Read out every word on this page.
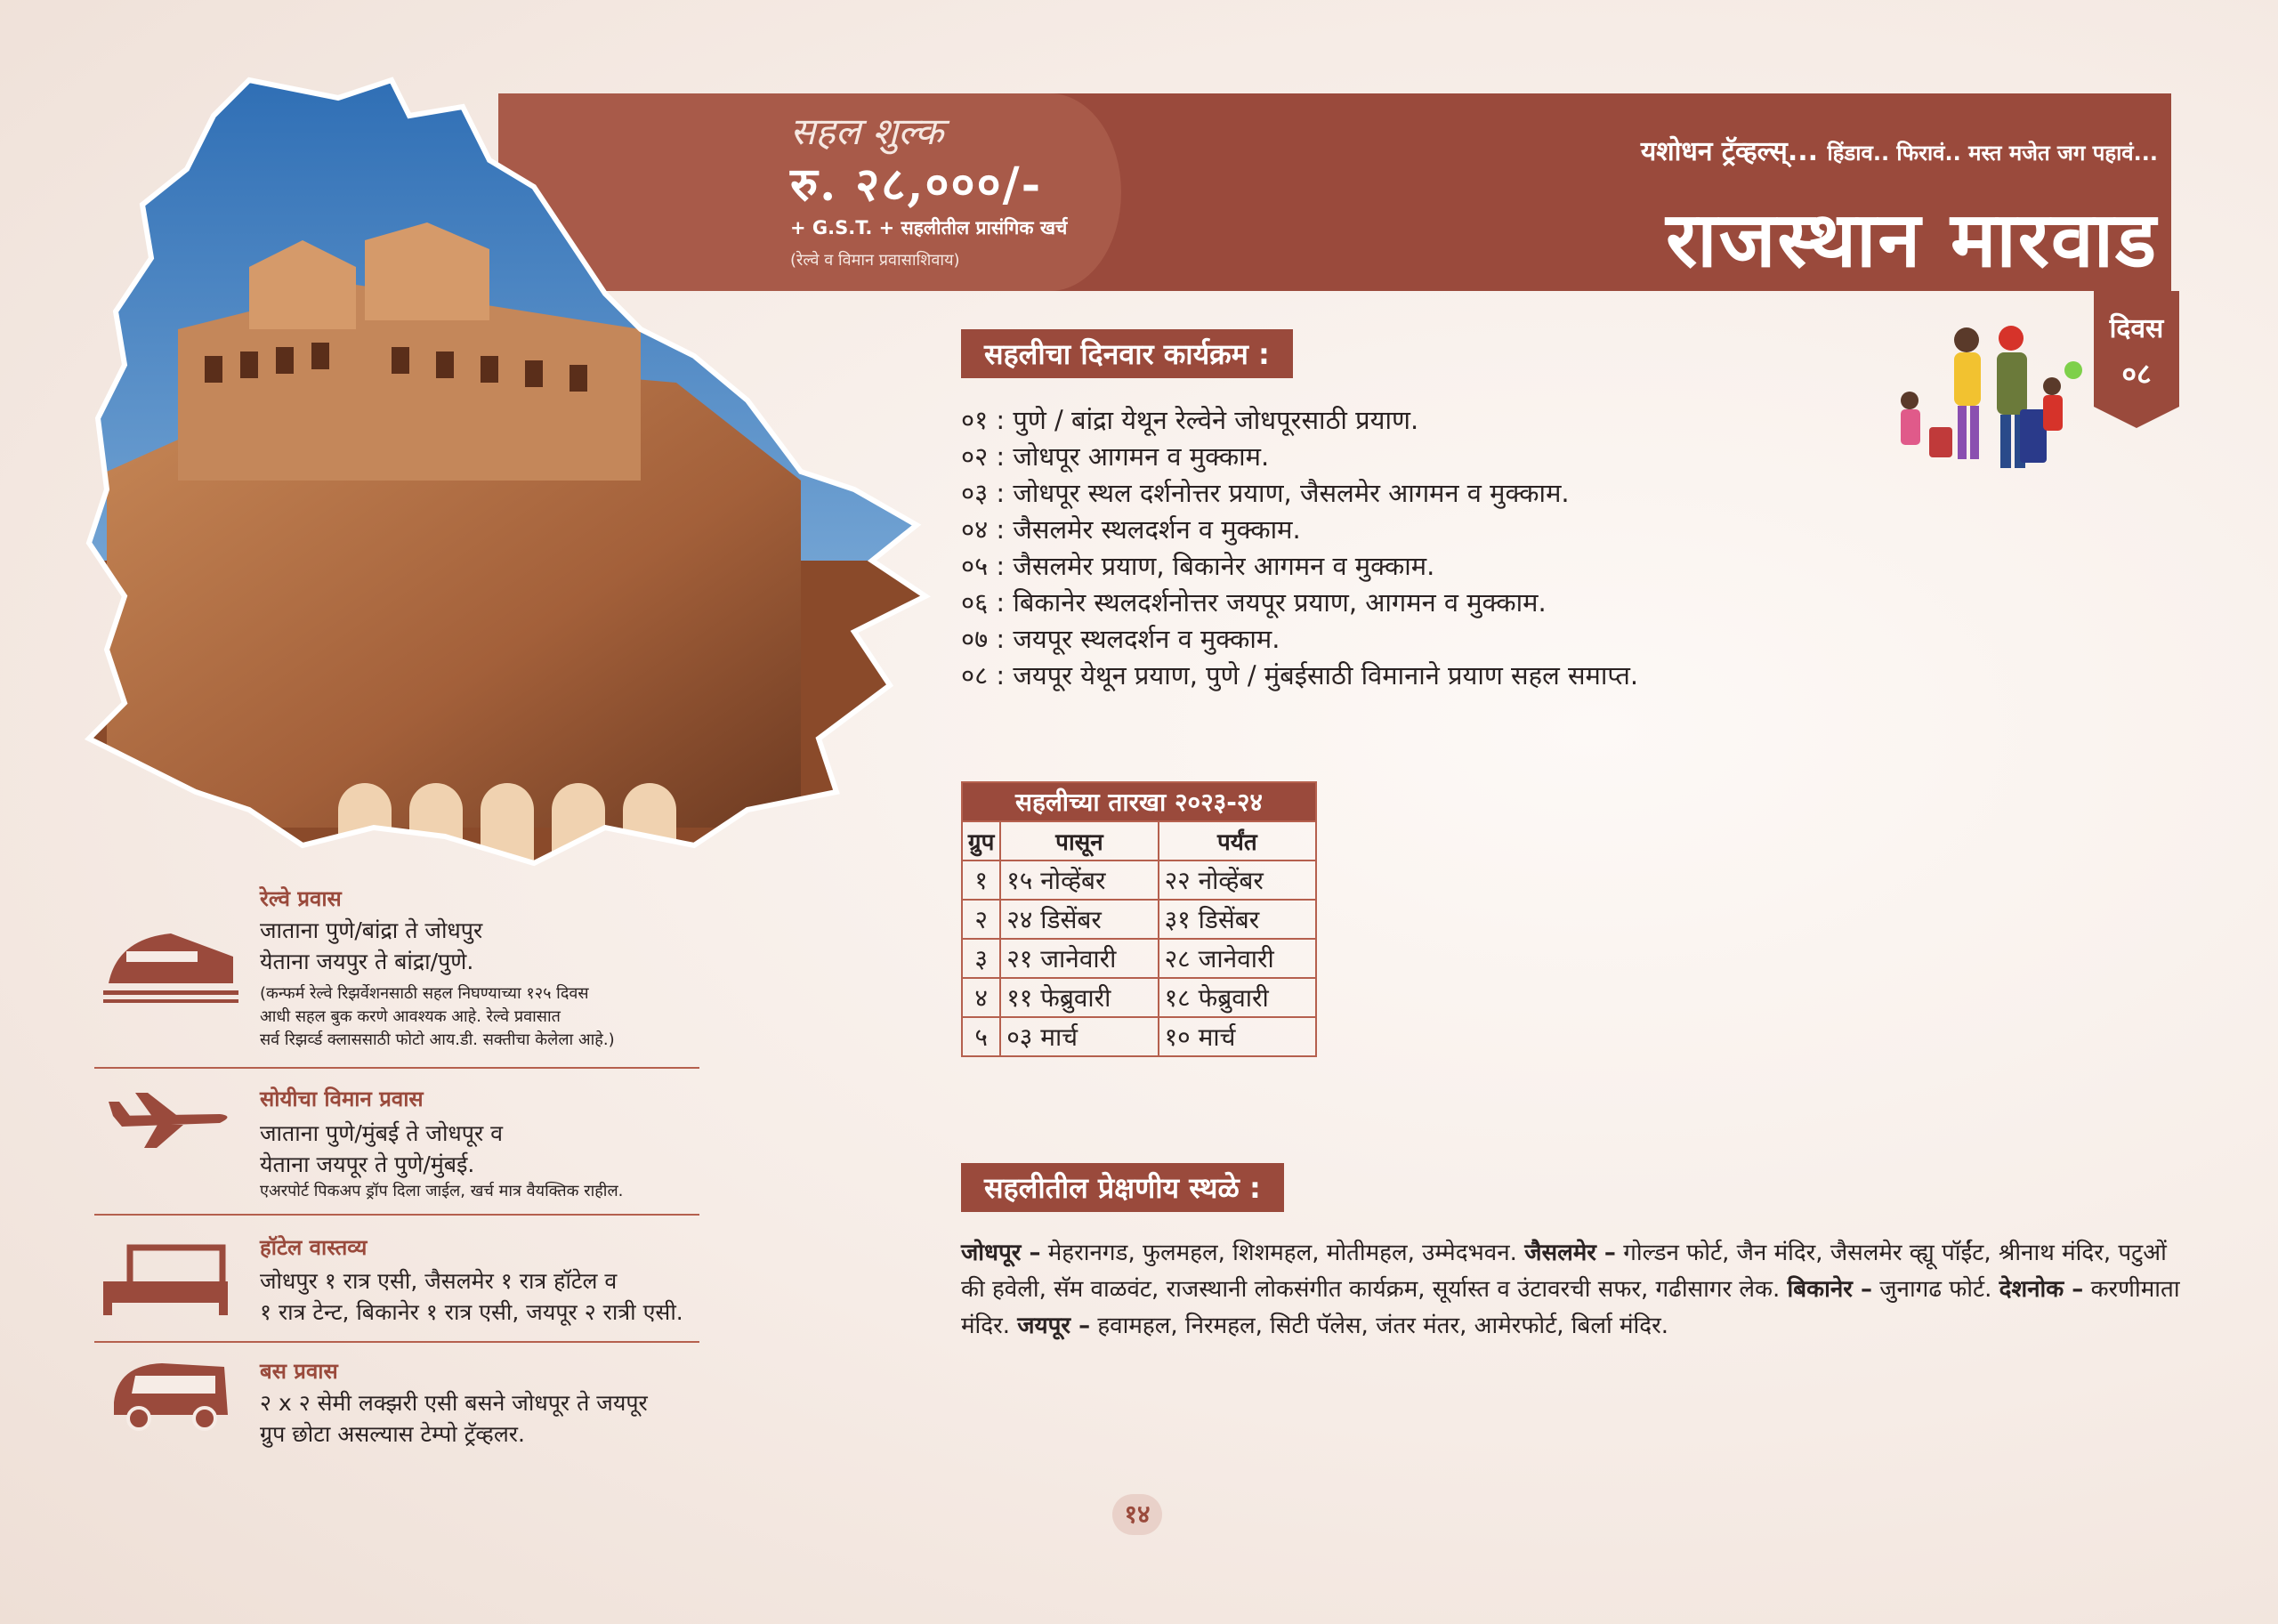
सहल शुल्क
रु. २८,०००/-
+ G.S.T. + सहलीतील प्रासंगिक खर्च
(रेल्वे व विमान प्रवासाशिवाय)
यशोधन ट्रॅव्हल्स्... हिंडाव.. फिरावं.. मस्त मजेत जग पहावं...
राजस्थान मारवाड
दिवस
०८
सहलीचा दिनवार कार्यक्रम :
०१ : पुणे / बांद्रा येथून रेल्वेने जोधपूरसाठी प्रयाण.
०२ : जोधपूर आगमन व मुक्काम.
०३ : जोधपूर स्थल दर्शनोत्तर प्रयाण, जैसलमेर आगमन व मुक्काम.
०४ : जैसलमेर स्थलदर्शन व मुक्काम.
०५ : जैसलमेर प्रयाण, बिकानेर आगमन व मुक्काम.
०६ : बिकानेर स्थलदर्शनोत्तर जयपूर प्रयाण, आगमन व मुक्काम.
०७ : जयपूर स्थलदर्शन व मुक्काम.
०८ : जयपूर येथून प्रयाण, पुणे / मुंबईसाठी विमानाने प्रयाण सहल समाप्त.
सहलीच्या तारखा २०२३-२४		
ग्रुप	पासून	पर्यंत
१	१५ नोव्हेंबर	२२ नोव्हेंबर
२	२४ डिसेंबर	३१ डिसेंबर
३	२१ जानेवारी	२८ जानेवारी
४	११ फेब्रुवारी	१८ फेब्रुवारी
५	०३ मार्च	१० मार्च
सहलीतील प्रेक्षणीय स्थळे :
जोधपूर – मेहरानगड, फुलमहल, शिशमहल, मोतीमहल, उम्मेदभवन. जैसलमेर – गोल्डन फोर्ट, जैन मंदिर, जैसलमेर व्ह्यू पॉईंट, श्रीनाथ मंदिर, पटुओं की हवेली, सॅम वाळवंट, राजस्थानी लोकसंगीत कार्यक्रम, सूर्यास्त व उंटावरची सफर, गढीसागर लेक. बिकानेर – जुनागढ फोर्ट. देशनोक – करणीमाता मंदिर. जयपूर – हवामहल, निरमहल, सिटी पॅलेस, जंतर मंतर, आमेरफोर्ट, बिर्ला मंदिर.
रेल्वे प्रवास
जाताना पुणे/बांद्रा ते जोधपुर
येताना जयपुर ते बांद्रा/पुणे.
(कन्फर्म रेल्वे रिझर्वेशनसाठी सहल निघण्याच्या १२५ दिवस
आधी सहल बुक करणे आवश्यक आहे. रेल्वे प्रवासात
सर्व रिझर्व्ड क्लाससाठी फोटो आय.डी. सक्तीचा केलेला आहे.)
सोयीचा विमान प्रवास
जाताना पुणे/मुंबई ते जोधपूर व
येताना जयपूर ते पुणे/मुंबई.
एअरपोर्ट पिकअप ड्रॉप दिला जाईल, खर्च मात्र वैयक्तिक राहील.
हॉटेल वास्तव्य
जोधपुर १ रात्र एसी, जैसलमेर १ रात्र हॉटेल व
१ रात्र टेन्ट, बिकानेर १ रात्र एसी, जयपूर २ रात्री एसी.
बस प्रवास
२ x २ सेमी लक्झरी एसी बसने जोधपूर ते जयपूर
ग्रुप छोटा असल्यास टेम्पो ट्रॅव्हलर.
१४
